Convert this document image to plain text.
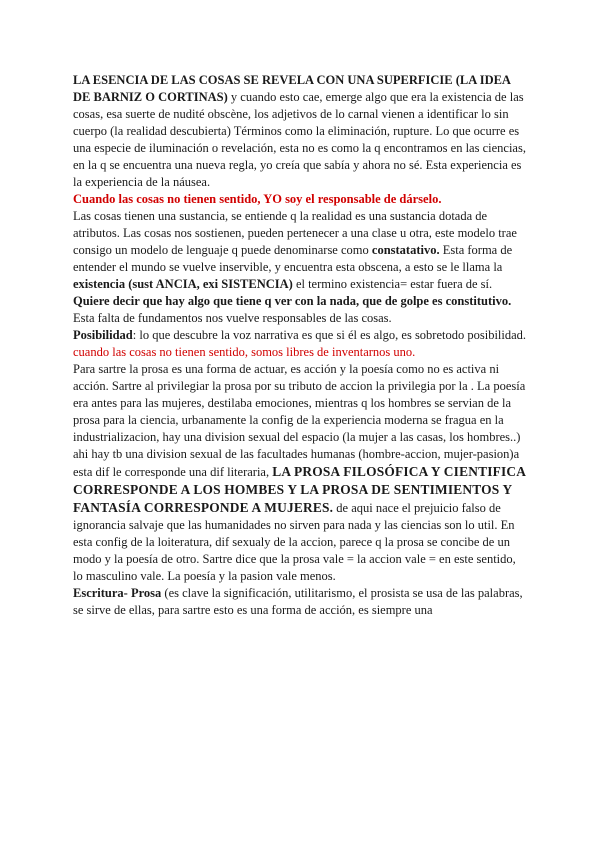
LA ESENCIA DE LAS COSAS SE REVELA CON UNA SUPERFICIE (LA IDEA DE BARNIZ O CORTINAS) y cuando esto cae, emerge algo que era la existencia de las cosas, esa suerte de nudité obscène, los adjetivos de lo carnal vienen a identificar lo sin cuerpo (la realidad descubierta) Términos como la eliminación, rupture. Lo que ocurre es una especie de iluminación o revelación, esta no es como la q encontramos en las ciencias, en la q se encuentra una nueva regla, yo creía que sabía y ahora no sé. Esta experiencia es la experiencia de la náusea.

Cuando las cosas no tienen sentido, YO soy el responsable de dárselo.

Las cosas tienen una sustancia, se entiende q la realidad es una sustancia dotada de atributos. Las cosas nos sostienen, pueden pertenecer a una clase u otra, este modelo trae consigo un modelo de lenguaje q puede denominarse como constatativo. Esta forma de entender el mundo se vuelve inservible, y encuentra esta obscena, a esto se le llama la existencia (sust ANCIA, exi SISTENCIA) el termino existencia= estar fuera de sí. Quiere decir que hay algo que tiene q ver con la nada, que de golpe es constitutivo. Esta falta de fundamentos nos vuelve responsables de las cosas.

Posibilidad: lo que descubre la voz narrativa es que si él es algo, es sobretodo posibilidad.

cuando las cosas no tienen sentido, somos libres de inventarnos uno.

Para sartre la prosa es una forma de actuar, es acción y la poesía como no es activa ni acción. Sartre al privilegiar la prosa por su tributo de accion la privilegia por la . La poesía era antes para las mujeres, destilaba emociones, mientras q los hombres se servian de la prosa para la ciencia, urbanamente la config de la experiencia moderna se fragua en la industrializacion, hay una division sexual del espacio (la mujer a las casas, los hombres..) ahi hay tb una division sexual de las facultades humanas (hombre-accion, mujer-pasion)a esta dif le corresponde una dif literaria, LA PROSA FILOSÓFICA Y CIENTIFICA CORRESPONDE A LOS HOMBES Y LA PROSA DE SENTIMIENTOS Y FANTASÍA CORRESPONDE A MUJERES. de aqui nace el prejuicio falso de ignorancia salvaje que las humanidades no sirven para nada y las ciencias son lo util. En esta config de la loiteratura, dif sexualy de la accion, parece q la prosa se concibe de un modo y la poesía de otro. Sartre dice que la prosa vale = la accion vale = en este sentido, lo masculino vale. La poesía y la pasion vale menos.

Escritura- Prosa (es clave la significación, utilitarismo, el prosista se usa de las palabras, se sirve de ellas, para sartre esto es una forma de acción, es siempre una
